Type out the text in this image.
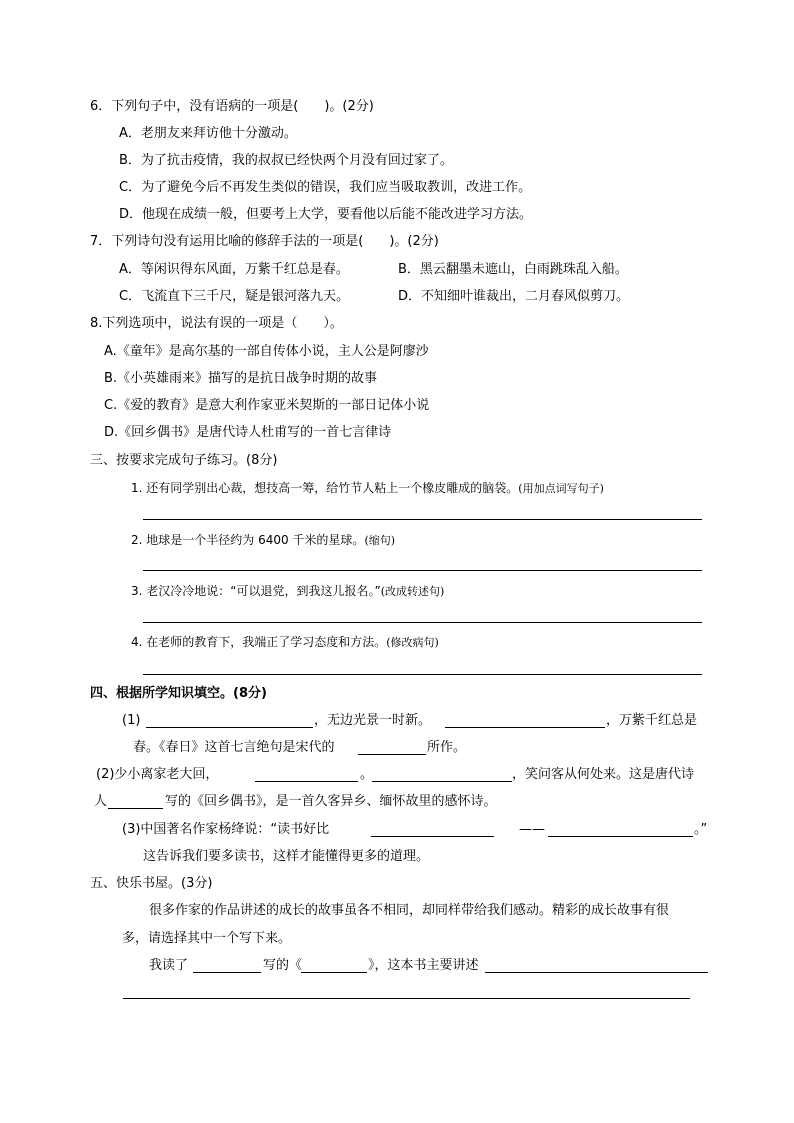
6．下列句子中，没有语病的一项是(　　)。(2分)
A．老朋友来拜访他十分激动。
B．为了抗击疫情，我的叔叔已经快两个月没有回过家了。
C．为了避免今后不再发生类似的错误，我们应当吸取教训，改进工作。
D．他现在成绩一般，但要考上大学，要看他以后能不能改进学习方法。
7．下列诗句没有运用比喻的修辞手法的一项是(　　)。(2分)
A．等闲识得东风面，万紫千红总是春。	B．黑云翻墨未遮山，白雨跳珠乱入船。
C．飞流直下三千尺，疑是银河落九天。	D．不知细叶谁裁出，二月春风似剪刀。
8.下列选项中，说法有误的一项是（　　）。
A.《童年》是高尔基的一部自传体小说，主人公是阿廖沙
B.《小英雄雨来》描写的是抗日战争时期的故事
C.《爱的教育》是意大利作家亚米契斯的一部日记体小说
D.《回乡偶书》是唐代诗人杜甫写的一首七言律诗
三、按要求完成句子练习。(8分)
1. 还有同学别出心裁，想技高一筹，给竹节人粘上一个橡皮雕成的脑袋。(用加点词写句子)
2. 地球是一个半径约为 6400 千米的星球。(缩句)
3. 老汉冷冷地说：“可以退党，到我这儿报名。”(改成转述句)
4. 在老师的教育下，我端正了学习态度和方法。(修改病句)
四、根据所学知识填空。(8分)
(1)	，无边光景一时新。	，万紫千红总是
春。《春日》这首七言绝句是宋代的	所作。
(2)少小离家老大回，	。	，笑问客从何处来。这是唐代诗
人	写的《回乡偶书》，是一首久客异乡、缅怀故里的感怀诗。
(3)中国著名作家杨绛说：“读书好比	——	。”
这告诉我们要多读书，这样才能懂得更多的道理。
五、快乐书屋。(3分)
很多作家的作品讲述的成长的故事虽各不相同，却同样带给我们感动。精彩的成长故事有很
多，请选择其中一个写下来。
我读了	写的《	》，这本书主要讲述
